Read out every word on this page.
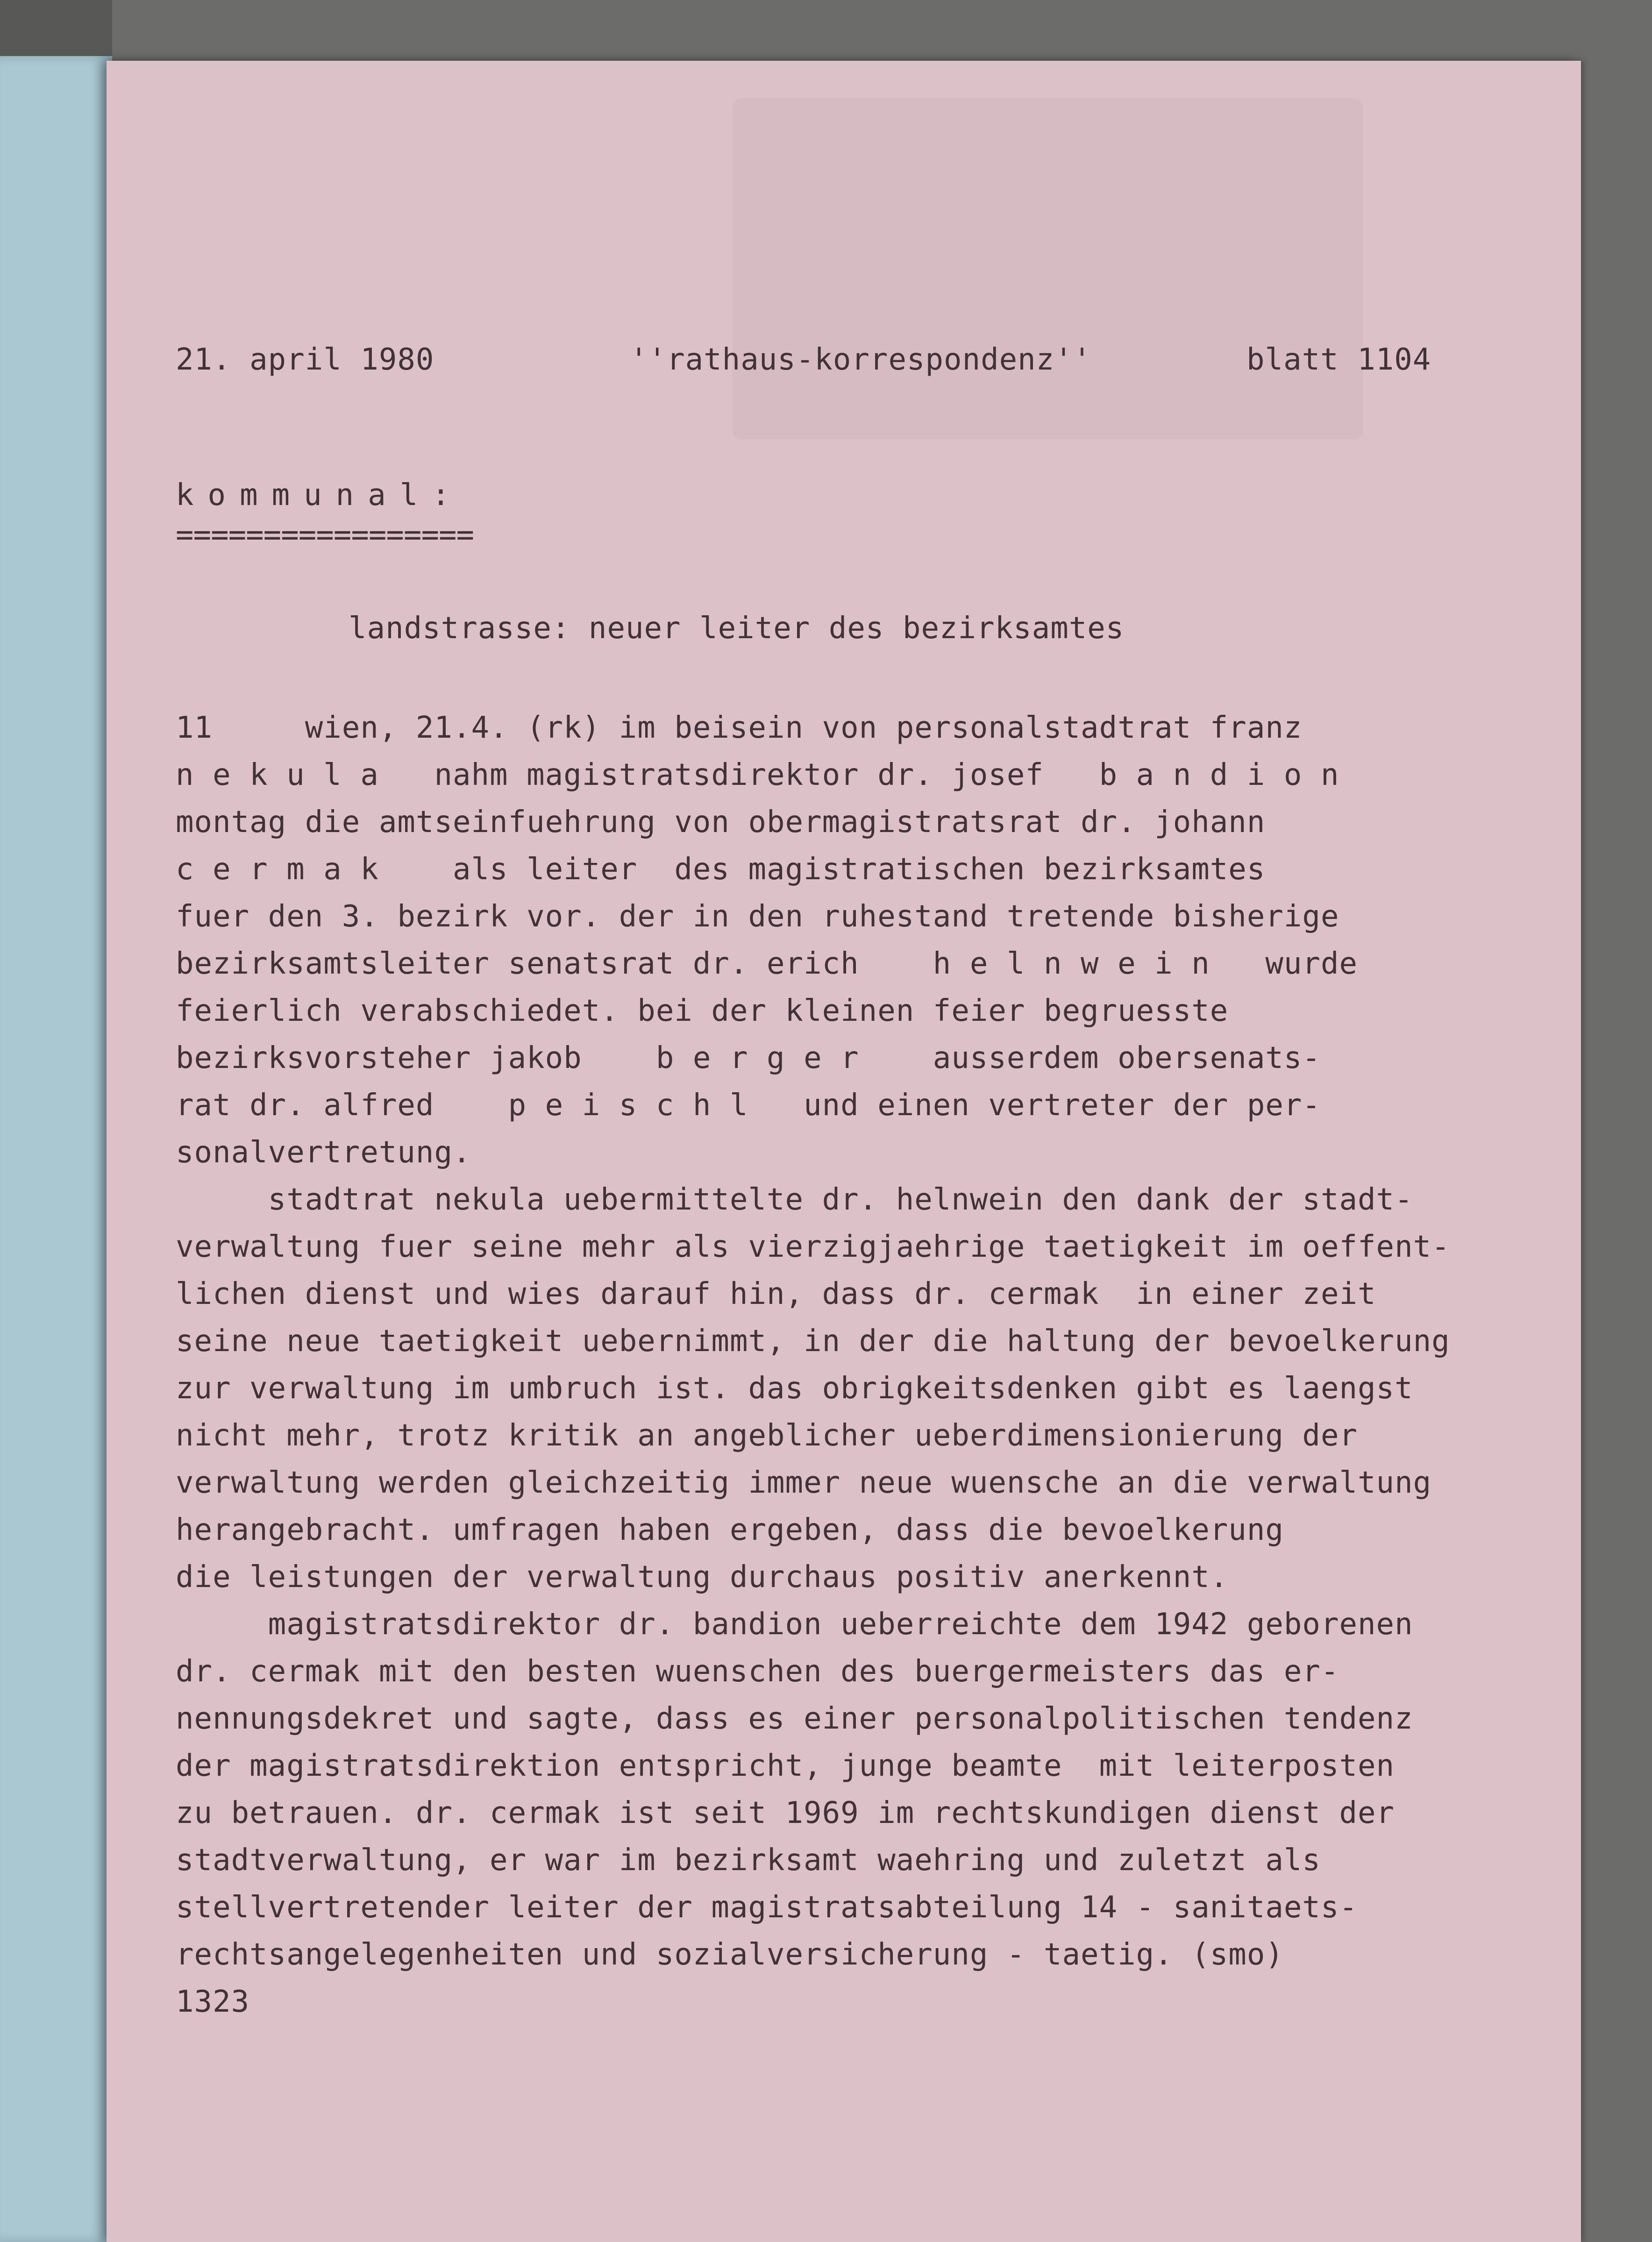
21. april 1980	''rathaus-korrespondenz''	blatt 1104
kommunal:
=================
landstrasse: neuer leiter des bezirksamtes
11     wien, 21.4. (rk) im beisein von personalstadtrat franz
n e k u l a   nahm magistratsdirektor dr. josef   b a n d i o n
montag die amtseinfuehrung von obermagistratsrat dr. johann
c e r m a k    als leiter  des magistratischen bezirksamtes
fuer den 3. bezirk vor. der in den ruhestand tretende bisherige
bezirksamtsleiter senatsrat dr. erich    h e l n w e i n   wurde
feierlich verabschiedet. bei der kleinen feier begruesste
bezirksvorsteher jakob    b e r g e r    ausserdem obersenats-
rat dr. alfred    p e i s c h l   und einen vertreter der per-
sonalvertretung.
stadtrat nekula uebermittelte dr. helnwein den dank der stadt-
verwaltung fuer seine mehr als vierzigjaehrige taetigkeit im oeffent-
lichen dienst und wies darauf hin, dass dr. cermak  in einer zeit
seine neue taetigkeit uebernimmt, in der die haltung der bevoelkerung
zur verwaltung im umbruch ist. das obrigkeitsdenken gibt es laengst
nicht mehr, trotz kritik an angeblicher ueberdimensionierung der
verwaltung werden gleichzeitig immer neue wuensche an die verwaltung
herangebracht. umfragen haben ergeben, dass die bevoelkerung
die leistungen der verwaltung durchaus positiv anerkennt.
magistratsdirektor dr. bandion ueberreichte dem 1942 geborenen
dr. cermak mit den besten wuenschen des buergermeisters das er-
nennungsdekret und sagte, dass es einer personalpolitischen tendenz
der magistratsdirektion entspricht, junge beamte  mit leiterposten
zu betrauen. dr. cermak ist seit 1969 im rechtskundigen dienst der
stadtverwaltung, er war im bezirksamt waehring und zuletzt als
stellvertretender leiter der magistratsabteilung 14 - sanitaets-
rechtsangelegenheiten und sozialversicherung - taetig. (smo)
1323
